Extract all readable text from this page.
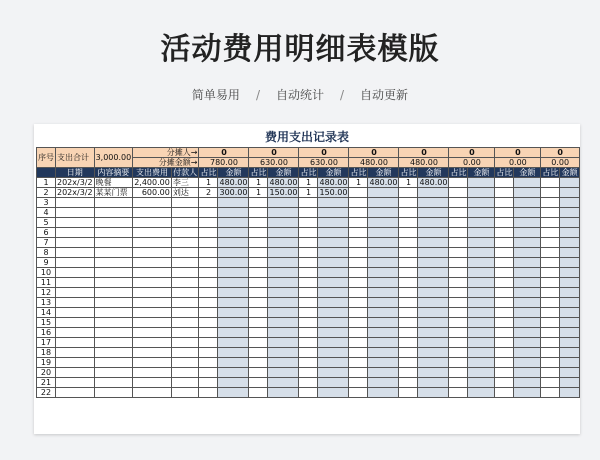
活动费用明细表模版
简单易用 / 自动统计 / 自动更新
费用支出记录表
序号	支出合计	3,000.00	分摊人→		0		0		0		0		0		0		0		0	
			分摊金额→		780.00		630.00		630.00		480.00		480.00		0.00		0.00		0.00	
	日期	内容摘要	支出费用	付款人	占比	金额	占比	金额	占比	金额	占比	金额	占比	金额	占比	金额	占比	金额	占比	金额
1	202x/3/2	晚餐	2,400.00	李三	1	480.00	1	480.00	1	480.00	1	480.00	1	480.00						
2	202x/3/2	某某门票	600.00	刘达	2	300.00	1	150.00	1	150.00										
3																				
4																				
5																				
6																				
7																				
8																				
9																				
10																				
11																				
12																				
13																				
14																				
15																				
16																				
17																				
18																				
19																				
20																				
21																				
22																				
